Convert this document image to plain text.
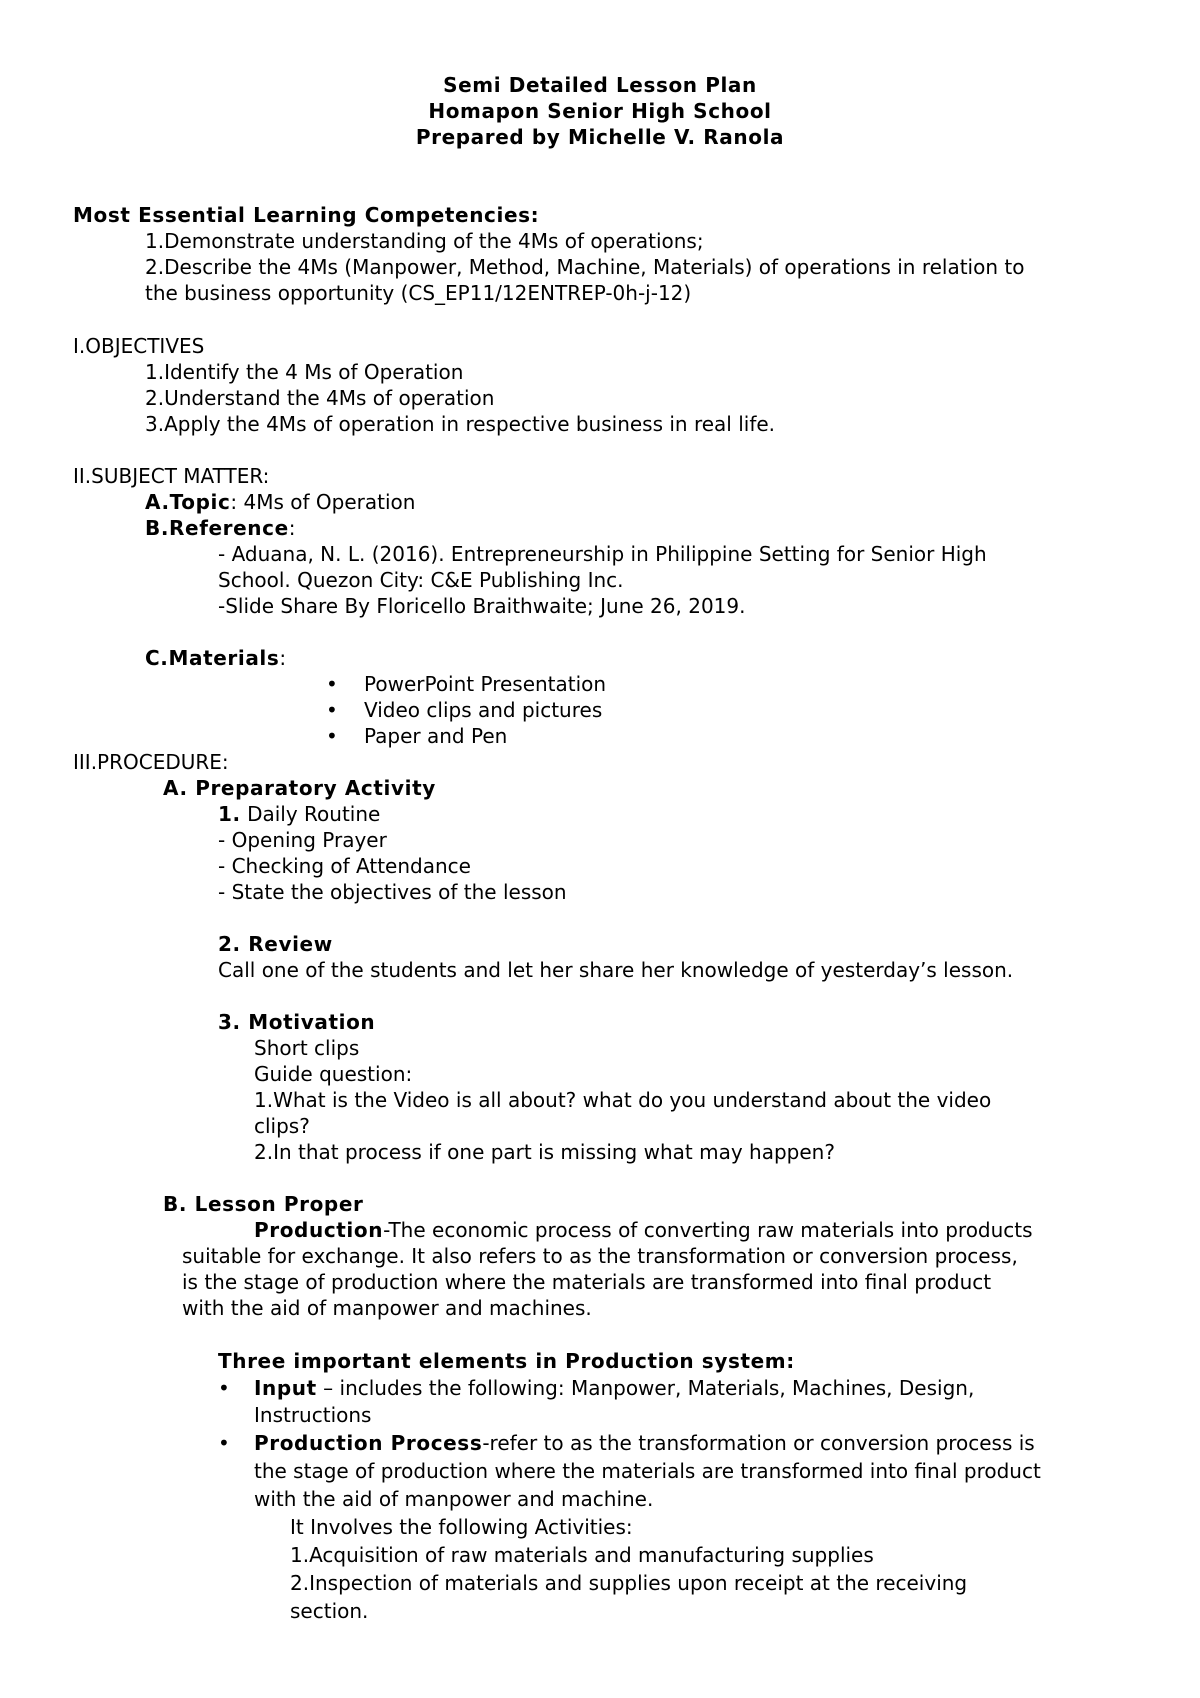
Semi Detailed Lesson Plan
Homapon Senior High School
Prepared by Michelle V. Ranola
Most Essential Learning Competencies:
1.Demonstrate understanding of the 4Ms of operations;
2.Describe the 4Ms (Manpower, Method, Machine, Materials) of operations in relation to
the business opportunity (CS_EP11/12ENTREP-0h-j-12)
I.OBJECTIVES
1.Identify the 4 Ms of Operation
2.Understand the 4Ms of operation
3.Apply the 4Ms of operation in respective business in real life.
II.SUBJECT MATTER:
A.Topic: 4Ms of Operation
B.Reference:
- Aduana, N. L. (2016). Entrepreneurship in Philippine Setting for Senior High
School. Quezon City: C&E Publishing Inc.
-Slide Share By Floricello Braithwaite; June 26, 2019.
C.Materials:
• PowerPoint Presentation
• Video clips and pictures
• Paper and Pen
III.PROCEDURE:
A. Preparatory Activity
1. Daily Routine
- Opening Prayer
- Checking of Attendance
- State the objectives of the lesson
2. Review
Call one of the students and let her share her knowledge of yesterday’s lesson.
3. Motivation
Short clips
Guide question:
1.What is the Video is all about? what do you understand about the video
clips?
2.In that process if one part is missing what may happen?
B. Lesson Proper
Production-The economic process of converting raw materials into products
suitable for exchange. It also refers to as the transformation or conversion process,
is the stage of production where the materials are transformed into final product
with the aid of manpower and machines.
Three important elements in Production system:
• Input – includes the following: Manpower, Materials, Machines, Design,
Instructions
• Production Process-refer to as the transformation or conversion process is
the stage of production where the materials are transformed into final product
with the aid of manpower and machine.
It Involves the following Activities:
1.Acquisition of raw materials and manufacturing supplies
2.Inspection of materials and supplies upon receipt at the receiving
section.
